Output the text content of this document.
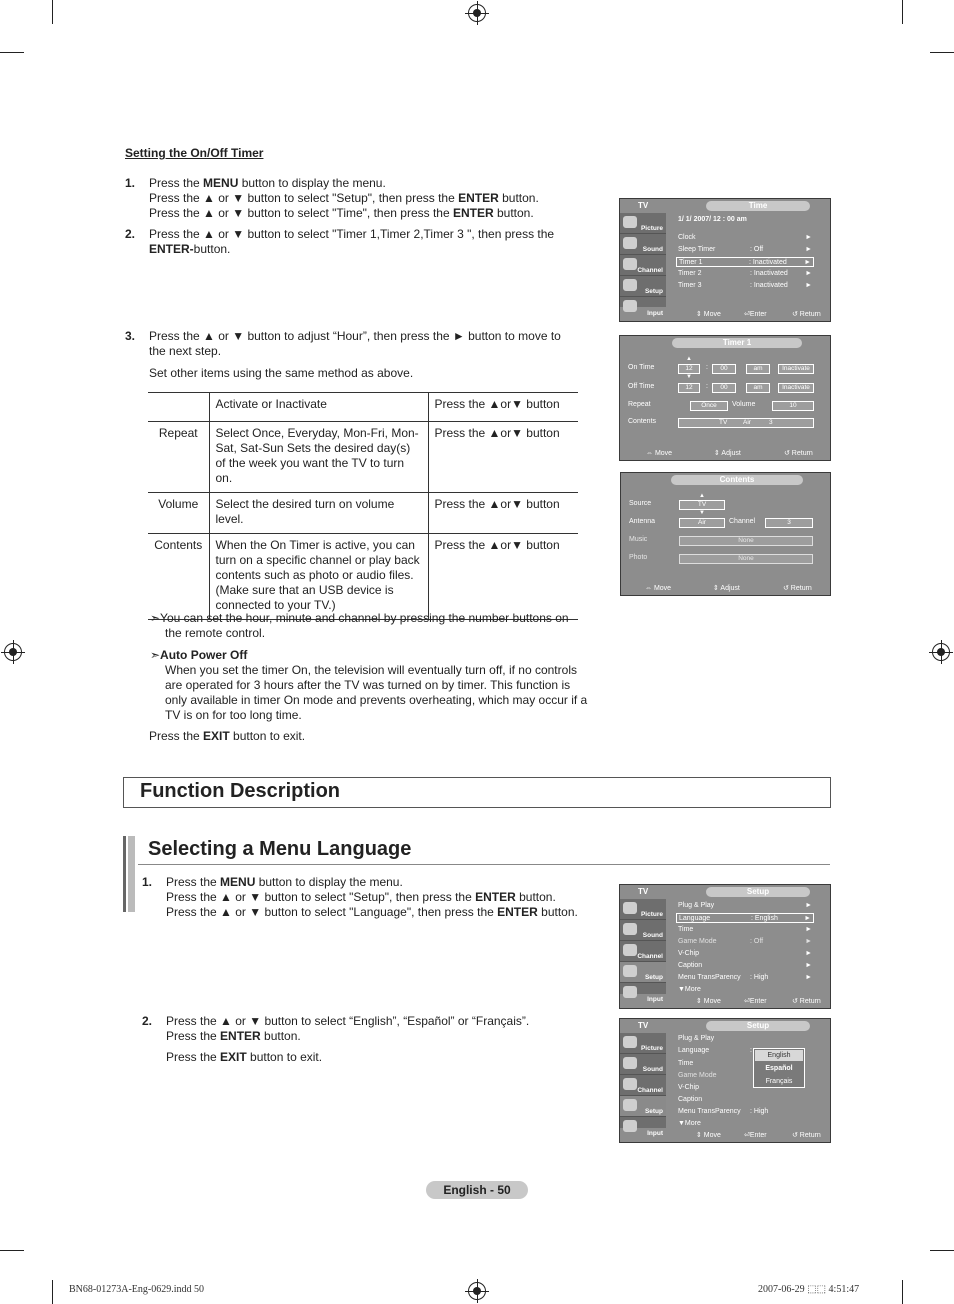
Setting the On/Off Timer
1. Press the MENU button to display the menu.
Press the ▲ or ▼ button to select "Setup", then press the ENTER button.
Press the ▲ or ▼ button to select "Time", then press the ENTER button.
2. Press the ▲ or ▼ button to select "Timer 1,Timer 2,Timer 3 ", then press the
ENTER-button.
3. Press the ▲ or ▼ button to adjust “Hour”, then press the ► button to move to
the next step.
Set other items using the same method as above.
	Activate or Inactivate	Press the ▲or▼ button
Repeat	Select Once, Everyday, Mon-Fri, Mon-Sat, Sat-Sun Sets the desired day(s) of the week you want the TV to turn on.	Press the ▲or▼ button
Volume	Select the desired turn on volume level.	Press the ▲or▼ button
Contents	When the On Timer is active, you can turn on a specific channel or play back contents such as photo or audio files. (Make sure that an USB device is connected to your TV.)	Press the ▲or▼ button
➣You can set the hour, minute and channel by pressing the number buttons on
the remote control.
➣Auto Power Off
When you set the timer On, the television will eventually turn off, if no controls are operated for 3 hours after the TV was turned on by timer. This function is only available in timer On mode and prevents overheating, which may occur if a TV is on for too long time.
Press the EXIT button to exit.
Function Description
Selecting a Menu Language
1. Press the MENU button to display the menu.
Press the ▲ or ▼ button to select "Setup", then press the ENTER button.
Press the ▲ or ▼ button to select "Language", then press the ENTER button.
2. Press the ▲ or ▼ button to select “English”, “Español” or “Français”.
Press the ENTER button.
Press the EXIT button to exit.
TV	Time
Picture
Sound
Channel
Setup
Input
1/ 1/ 2007/ 12 : 00 am
Clock	►
Sleep Timer	: Off	►
Timer 1	: Inactivated ►
Timer 2	: Inactivated ►
Timer 3	: Inactivated ►
⇕ Move	⏎Enter	↺ Return
Timer 1
On Time	12	:	00	am	Inactivate
▲
▼
Off Time	12	:	00	am	Inactivate
Repeat	Once	Volume	10
Contents	TV Air	3
⇔ Move	⇕ Adjust	↺ Return
Contents
Source
▲
TV
▼
Antenna	Air	Channel	3
Music	None
Photo	None
⇔ Move	⇕ Adjust	↺ Return
TV	Setup
Picture
Sound
Channel
Setup
Input
Plug & Play	►
Language	: English	►
Time	►
Game Mode	: Off	►
V-Chip	►
Caption	►
Menu TransParency : High	►
▼More
⇕ Move	⏎Enter	↺ Return
TV	Setup
Picture
Sound
Channel
Setup
Input
Plug & Play
Language	:
Time
Game Mode
V-Chip
Caption
Menu TransParency : High
▼More
English
Español
Français
⇕ Move	⏎Enter	↺ Return
English - 50
BN68-01273A-Eng-0629.indd 50	2007-06-29 ⬚⬚ 4:51:47
